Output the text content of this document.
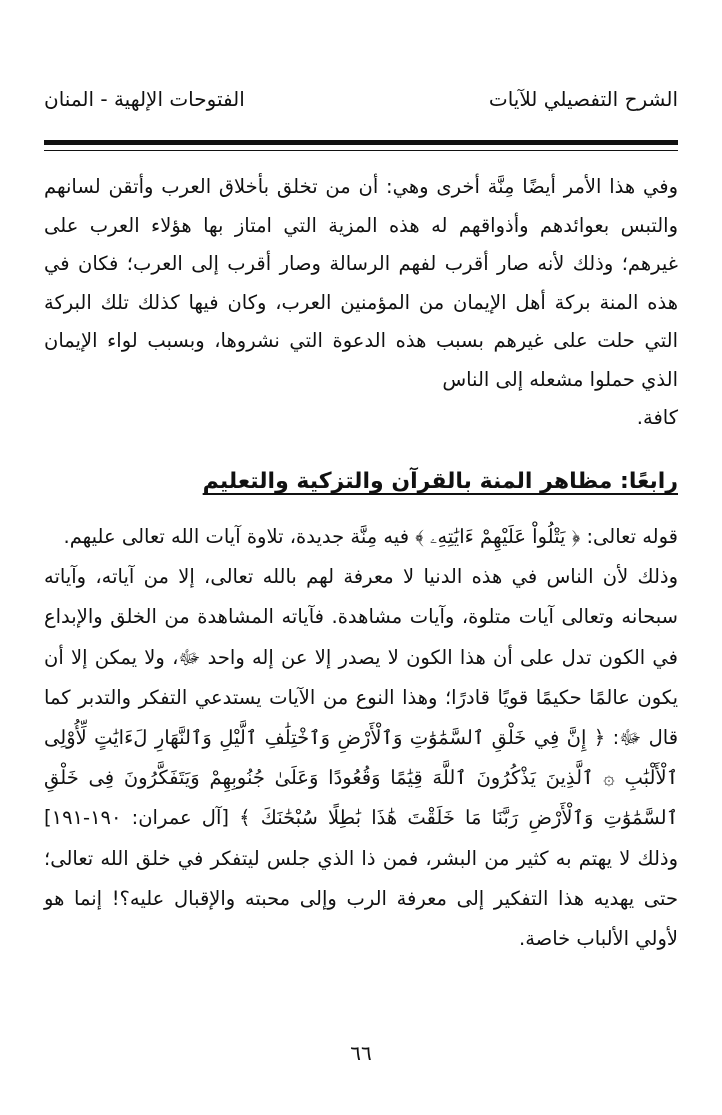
الشرح التفصيلي للآيات
الفتوحات الإلهية - المنان

وفي هذا الأمر أيضًا مِنَّة أخرى وهي: أن من تخلق بأخلاق العرب وأتقن لسانهم والتبس بعوائدهم وأذواقهم له هذه المزية التي امتاز بها هؤلاء العرب على غيرهم؛ وذلك لأنه صار أقرب لفهم الرسالة وصار أقرب إلى العرب؛ فكان في هذه المنة بركة أهل الإيمان من المؤمنين العرب، وكان فيها كذلك تلك البركة التي حلت على غيرهم بسبب هذه الدعوة التي نشروها، وبسبب لواء الإيمان الذي حملوا مشعله إلى الناس

كافة.

رابعًا: مظاهر المنة بالقرآن والتزكية والتعليم

قوله تعالى: ﴿ يَتْلُواْ عَلَيْهِمْ ءَايَٰتِهِۦ ﴾ فيه مِنَّة جديدة، تلاوة آيات الله تعالى عليهم.

وذلك لأن الناس في هذه الدنيا لا معرفة لهم بالله تعالى، إلا من آياته، وآياته سبحانه وتعالى آيات متلوة، وآيات مشاهدة. فآياته المشاهدة من الخلق والإبداع في الكون تدل على أن هذا الكون لا يصدر إلا عن إله واحد ﷻ، ولا يمكن إلا أن يكون عالمًا حكيمًا قويًا قادرًا؛ وهذا النوع من الآيات يستدعي التفكر والتدبر كما قال ﷻ: ﴿ إِنَّ فِي خَلْقِ ٱلسَّمَٰوَٰتِ وَٱلْأَرْضِ وَٱخْتِلَٰفِ ٱلَّيْلِ وَٱلنَّهَارِ لَءَايَٰتٍ لِّأُوْلِى ٱلْأَلْبَٰبِ ۞ ٱلَّذِينَ يَذْكُرُونَ ٱللَّهَ قِيَٰمًا وَقُعُودًا وَعَلَىٰ جُنُوبِهِمْ وَيَتَفَكَّرُونَ فِى خَلْقِ ٱلسَّمَٰوَٰتِ وَٱلْأَرْضِ رَبَّنَا مَا خَلَقْتَ هَٰذَا بَٰطِلًا سُبْحَٰنَكَ ﴾ [آل عمران: ١٩٠-١٩١] وذلك لا يهتم به كثير من البشر، فمن ذا الذي جلس ليتفكر في خلق الله تعالى؛ حتى يهديه هذا التفكير إلى معرفة الرب وإلى محبته والإقبال عليه؟! إنما هو لأولي الألباب خاصة.

٦٦
